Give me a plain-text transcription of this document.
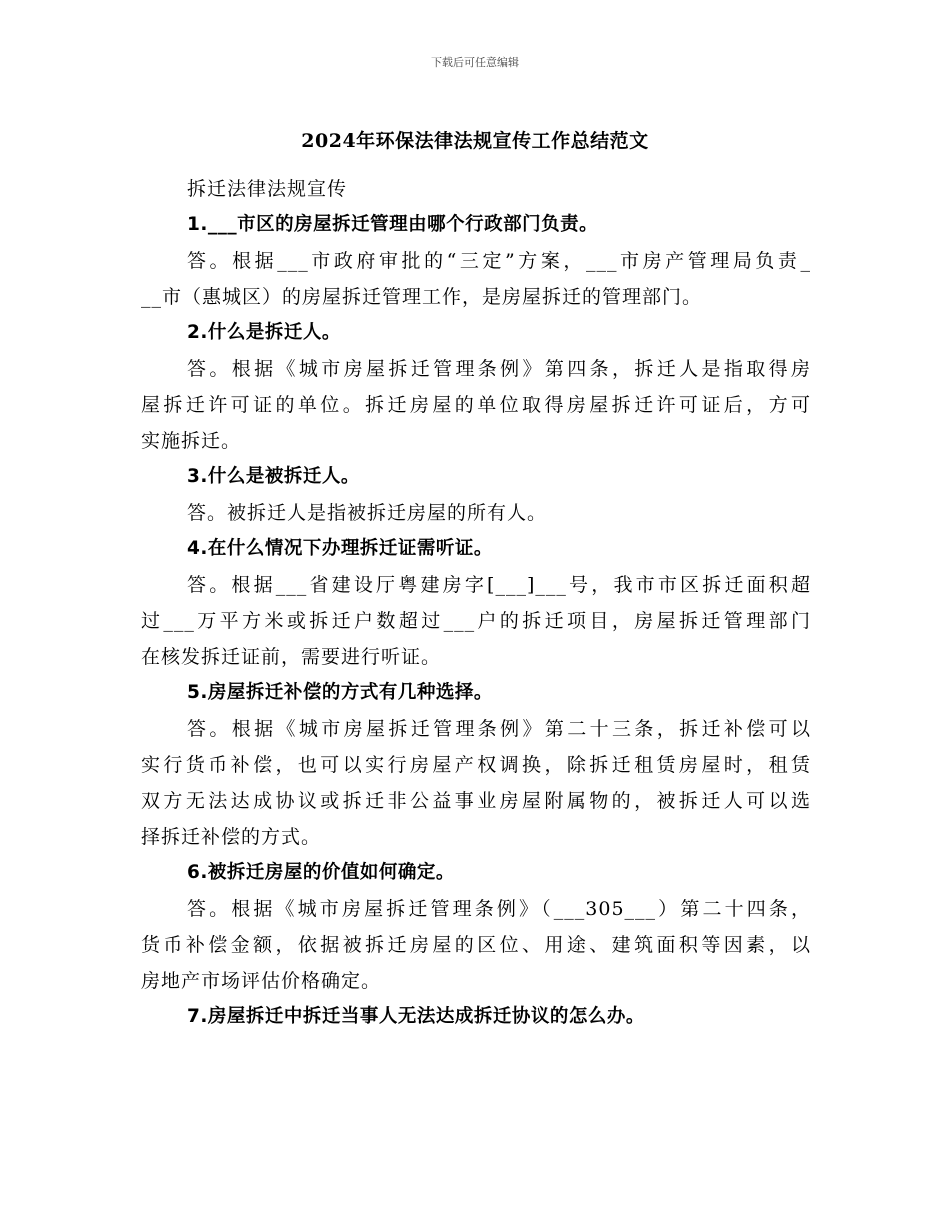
下载后可任意编辑
2024年环保法律法规宣传工作总结范文
拆迁法律法规宣传
1.___市区的房屋拆迁管理由哪个行政部门负责。
答。根据___市政府审批的“三定”方案，___市房产管理局负责_
__市（惠城区）的房屋拆迁管理工作，是房屋拆迁的管理部门。
2.什么是拆迁人。
答。根据《城市房屋拆迁管理条例》第四条，拆迁人是指取得房
屋拆迁许可证的单位。拆迁房屋的单位取得房屋拆迁许可证后，方可
实施拆迁。
3.什么是被拆迁人。
答。被拆迁人是指被拆迁房屋的所有人。
4.在什么情况下办理拆迁证需听证。
答。根据___省建设厅粤建房字[___]___号，我市市区拆迁面积超
过___万平方米或拆迁户数超过___户的拆迁项目，房屋拆迁管理部门
在核发拆迁证前，需要进行听证。
5.房屋拆迁补偿的方式有几种选择。
答。根据《城市房屋拆迁管理条例》第二十三条，拆迁补偿可以
实行货币补偿，也可以实行房屋产权调换，除拆迁租赁房屋时，租赁
双方无法达成协议或拆迁非公益事业房屋附属物的，被拆迁人可以选
择拆迁补偿的方式。
6.被拆迁房屋的价值如何确定。
答。根据《城市房屋拆迁管理条例》（___305___）第二十四条，
货币补偿金额，依据被拆迁房屋的区位、用途、建筑面积等因素，以
房地产市场评估价格确定。
7.房屋拆迁中拆迁当事人无法达成拆迁协议的怎么办。
